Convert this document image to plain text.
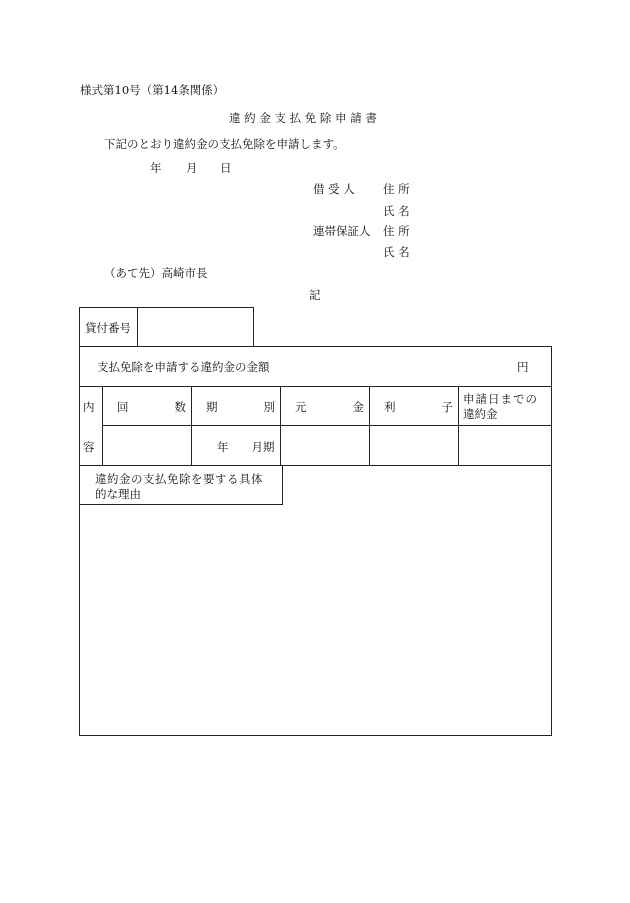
様式第10号（第14条関係）
違 約 金 支 払 免 除 申 請 書
下記のとおり違約金の支払免除を申請します。
年 月 日
借 受 人 住 所
氏 名
連帯保証人 住 所
氏 名
（あて先）高崎市長
記
貸付番号
支払免除を申請する違約金の金額	円
内
容
回　　　　数 期　　　　別 元　　　　金 利　　　　子
申請日までの
違約金
年　　月期
違約金の支払免除を要する具体
的な理由
